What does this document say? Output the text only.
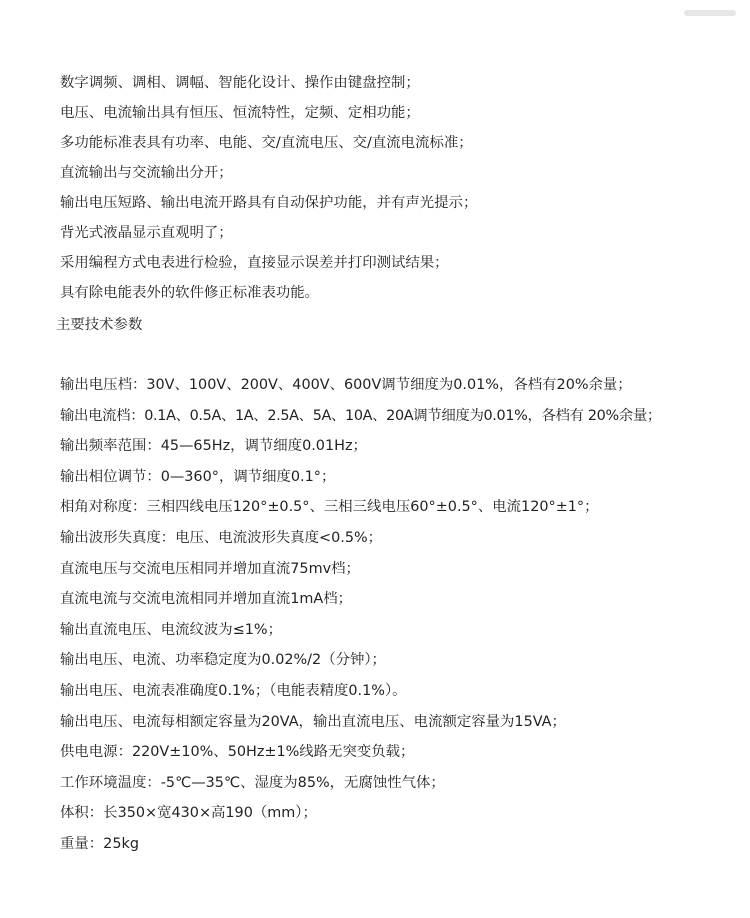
数字调频、调相、调幅、智能化设计、操作由键盘控制；

电压、电流输出具有恒压、恒流特性，定频、定相功能；

多功能标准表具有功率、电能、交/直流电压、交/直流电流标准；

直流输出与交流输出分开；

输出电压短路、输出电流开路具有自动保护功能，并有声光提示；

背光式液晶显示直观明了；

采用编程方式电表进行检验，直接显示误差并打印测试结果；

具有除电能表外的软件修正标准表功能。

主要技术参数

输出电压档：30V、100V、200V、400V、600V调节细度为0.01%，各档有20%余量；

输出电流档：0.1A、0.5A、1A、2.5A、5A、10A、20A调节细度为0.01%，各档有 20%余量；

输出频率范围：45—65Hz，调节细度0.01Hz；

输出相位调节：0—360°，调节细度0.1°；

相角对称度：三相四线电压120°±0.5°、三相三线电压60°±0.5°、电流120°±1°；

输出波形失真度：电压、电流波形失真度<0.5%；

直流电压与交流电压相同并增加直流75mv档；

直流电流与交流电流相同并增加直流1mA档；

输出直流电压、电流纹波为≤1%；

输出电压、电流、功率稳定度为0.02%/2（分钟）；

输出电压、电流表准确度0.1%；（电能表精度0.1%）。

输出电压、电流每相额定容量为20VA，输出直流电压、电流额定容量为15VA；

供电电源：220V±10%、50Hz±1%线路无突变负载；

工作环境温度：-5℃—35℃、湿度为85%，无腐蚀性气体；

体积：长350×宽430×高190（mm）；

重量：25kg
